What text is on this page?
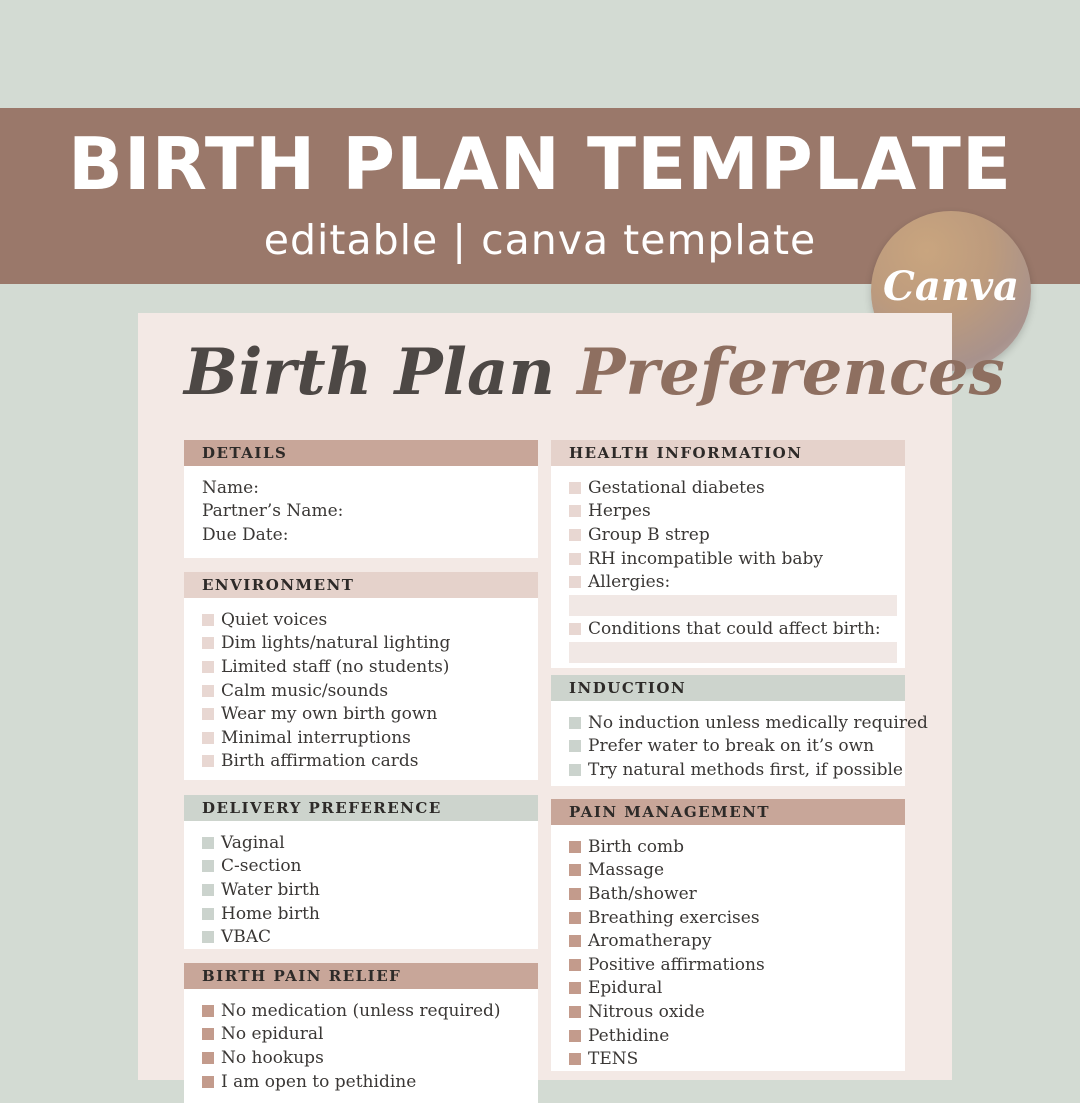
BIRTH PLAN TEMPLATE
editable | canva template
Canva
Birth Plan Preferences
DETAILS
Name:
Partner’s Name:
Due Date:
ENVIRONMENT
Quiet voices
Dim lights/natural lighting
Limited staff (no students)
Calm music/sounds
Wear my own birth gown
Minimal interruptions
Birth affirmation cards
DELIVERY PREFERENCE
Vaginal
C-section
Water birth
Home birth
VBAC
BIRTH PAIN RELIEF
No medication (unless required)
No epidural
No hookups
I am open to pethidine
HEALTH INFORMATION
Gestational diabetes
Herpes
Group B strep
RH incompatible with baby
Allergies:
Conditions that could affect birth:
INDUCTION
No induction unless medically required
Prefer water to break on it’s own
Try natural methods first, if possible
PAIN MANAGEMENT
Birth comb
Massage
Bath/shower
Breathing exercises
Aromatherapy
Positive affirmations
Epidural
Nitrous oxide
Pethidine
TENS
